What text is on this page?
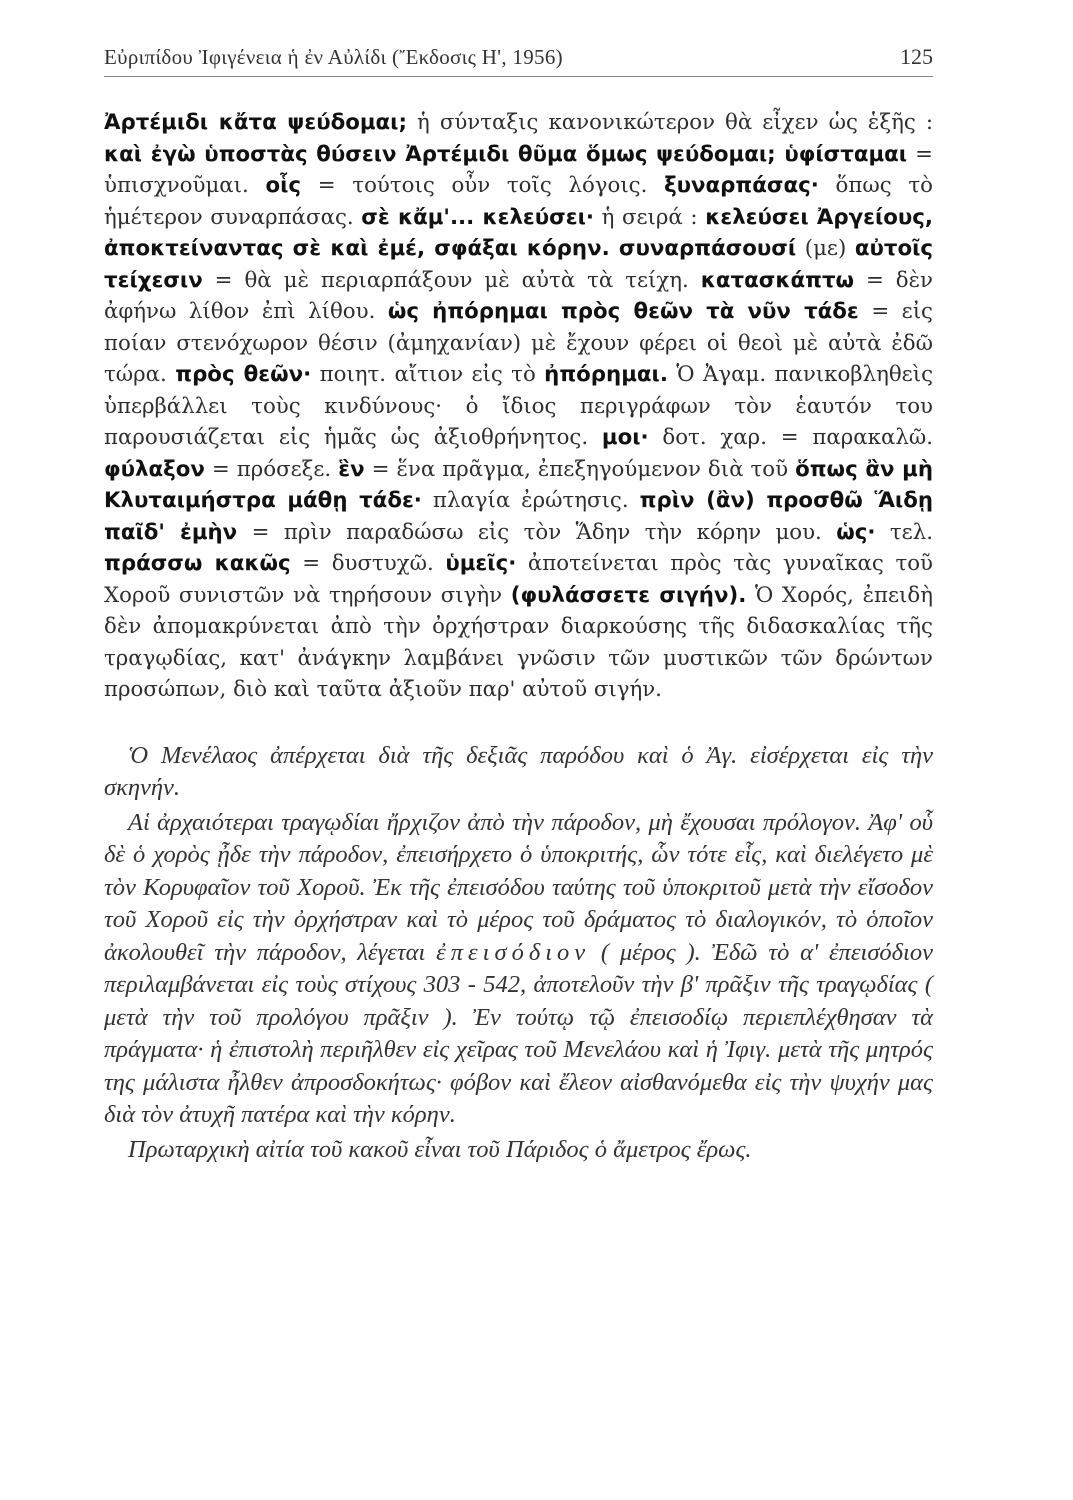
Εὐριπίδου Ἰφιγένεια ἡ ἐν Αὐλίδι (Ἔκδοσις Η', 1956)	125
Ἀρτέμιδι κἄτα ψεύδομαι; ἡ σύνταξις κανονικώτερον θὰ εἶχεν ὡς ἑξῆς : καὶ ἐγὼ ὑποστὰς θύσειν Ἀρτέμιδι θῦμα ὅμως ψεύδομαι; ὑφίσταμαι = ὑπισχνοῦμαι. οἷς = τούτοις οὖν τοῖς λόγοις. ξυναρπάσας· ὅπως τὸ ἡμέτερον συναρπάσας. σὲ κἄμ'... κελεύσει· ἡ σειρά : κελεύσει Ἀργείους, ἀποκτείναντας σὲ καὶ ἐμέ, σφάξαι κόρην. συναρπάσουσί (με) αὐτοῖς τείχεσιν = θὰ μὲ περιαρπάξουν μὲ αὐτὰ τὰ τείχη. κατασκάπτω = δὲν ἀφήνω λίθον ἐπὶ λίθου. ὡς ἠπόρημαι πρὸς θεῶν τὰ νῦν τάδε = εἰς ποίαν στενόχωρον θέσιν (ἀμηχανίαν) μὲ ἔχουν φέρει οἱ θεοὶ μὲ αὐτὰ ἐδῶ τώρα. πρὸς θεῶν· ποιητ. αἴτιον εἰς τὸ ἠπόρημαι. Ὁ Ἀγαμ. πανικοβληθεὶς ὑπερβάλλει τοὺς κινδύνους· ὁ ἴδιος περιγράφων τὸν ἑαυτόν του παρουσιάζεται εἰς ἡμᾶς ὡς ἀξιοθρήνητος. μοι· δοτ. χαρ. = παρακαλῶ. φύλαξον = πρόσεξε. ἓν = ἕνα πρᾶγμα, ἐπεξηγούμενον διὰ τοῦ ὅπως ἂν μὴ Κλυταιμήστρα μάθῃ τάδε· πλαγία ἐρώτησις. πρὶν (ἂν) προσθῶ Ἅιδῃ παῖδ' ἐμὴν = πρὶν παραδώσω εἰς τὸν Ἅδην τὴν κόρην μου. ὡς· τελ. πράσσω κακῶς = δυστυχῶ. ὑμεῖς· ἀποτείνεται πρὸς τὰς γυναῖκας τοῦ Χοροῦ συνιστῶν νὰ τηρήσουν σιγὴν (φυλάσσετε σιγήν). Ὁ Χορός, ἐπειδὴ δὲν ἀπομακρύνεται ἀπὸ τὴν ὀρχήστραν διαρκούσης τῆς διδασκαλίας τῆς τραγῳδίας, κατ' ἀνάγκην λαμβάνει γνῶσιν τῶν μυστικῶν τῶν δρώντων προσώπων, διὸ καὶ ταῦτα ἀξιοῦν παρ' αὐτοῦ σιγήν.

Ὁ Μενέλαος ἀπέρχεται διὰ τῆς δεξιᾶς παρόδου καὶ ὁ Ἀγ. εἰσέρχεται εἰς τὴν σκηνήν.

Αἱ ἀρχαιότεραι τραγῳδίαι ἤρχιζον ἀπὸ τὴν πάροδον, μὴ ἔχουσαι πρόλογον. Ἀφ' οὗ δὲ ὁ χορὸς ᾖδε τὴν πάροδον, ἐπεισήρχετο ὁ ὑποκριτής, ὧν τότε εἷς, καὶ διελέγετο μὲ τὸν Κορυφαῖον τοῦ Χοροῦ. Ἐκ τῆς ἐπεισόδου ταύτης τοῦ ὑποκριτοῦ μετὰ τὴν εἴσοδον τοῦ Χοροῦ εἰς τὴν ὀρχήστραν καὶ τὸ μέρος τοῦ δράματος τὸ διαλογικόν, τὸ ὁποῖον ἀκολουθεῖ τὴν πάροδον, λέγεται ἐπεισόδιον ( μέρος ). Ἐδῶ τὸ α' ἐπεισόδιον περιλαμβάνεται εἰς τοὺς στίχους 303 - 542, ἀποτελοῦν τὴν β' πρᾶξιν τῆς τραγῳδίας ( μετὰ τὴν τοῦ προλόγου πρᾶξιν ). Ἐν τούτῳ τῷ ἐπεισοδίῳ περιεπλέχθησαν τὰ πράγματα· ἡ ἐπιστολὴ περιῆλθεν εἰς χεῖρας τοῦ Μενελάου καὶ ἡ Ἰφιγ. μετὰ τῆς μητρός της μάλιστα ἦλθεν ἀπροσδοκήτως· φόβον καὶ ἔλεον αἰσθανόμεθα εἰς τὴν ψυχήν μας διὰ τὸν ἀτυχῆ πατέρα καὶ τὴν κόρην.

Πρωταρχικὴ αἰτία τοῦ κακοῦ εἶναι τοῦ Πάριδος ὁ ἄμετρος ἔρως.
